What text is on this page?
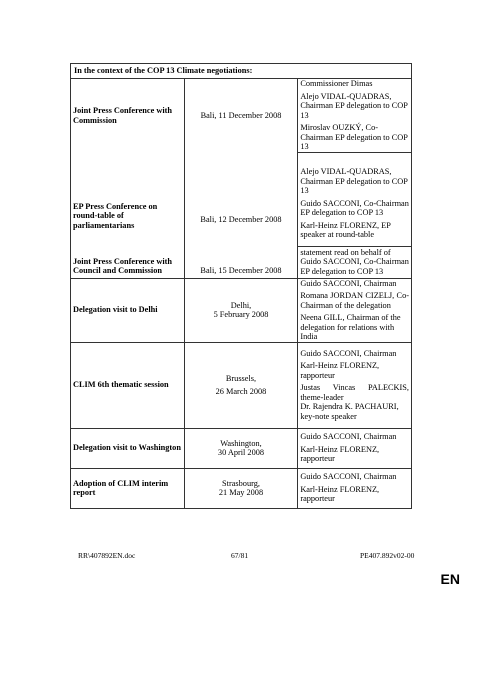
In the context of the COP 13 Climate negotiations:		
Joint Press Conference with Commission	Bali, 11 December 2008	Commissioner Dimas
Alejo VIDAL-QUADRAS, Chairman EP delegation to COP 13
Miroslav OUZKÝ, Co-Chairman EP delegation to COP 13

EP Press Conference on round-table of parliamentarians	Bali, 12 December 2008	Alejo VIDAL-QUADRAS, Chairman EP delegation to COP 13
Guido SACCONI, Co-Chairman EP delegation to COP 13
Karl-Heinz FLORENZ, EP speaker at round-table

Joint Press Conference with Council and Commission	Bali, 15 December 2008	statement read on behalf of Guido SACCONI, Co-Chairman EP delegation to COP 13

Delegation visit to Delhi	Delhi,
5 February 2008	Guido SACCONI, Chairman
Romana JORDAN CIZELJ, Co-Chairman of the delegation
Neena GILL, Chairman of the delegation for relations with India

CLIM 6th thematic session	Brussels,
26 March 2008	Guido SACCONI, Chairman
Karl-Heinz FLORENZ, rapporteur
Justas Vincas PALECKIS, theme-leader
Dr. Rajendra K. PACHAURI, key-note speaker

Delegation visit to Washington	Washington,
30 April 2008	Guido SACCONI, Chairman
Karl-Heinz FLORENZ, rapporteur

Adoption of CLIM interim report	Strasbourg,
21 May 2008	Guido SACCONI, Chairman
Karl-Heinz FLORENZ, rapporteur
RR\407892EN.doc	67/81	PE407.892v02-00
EN
